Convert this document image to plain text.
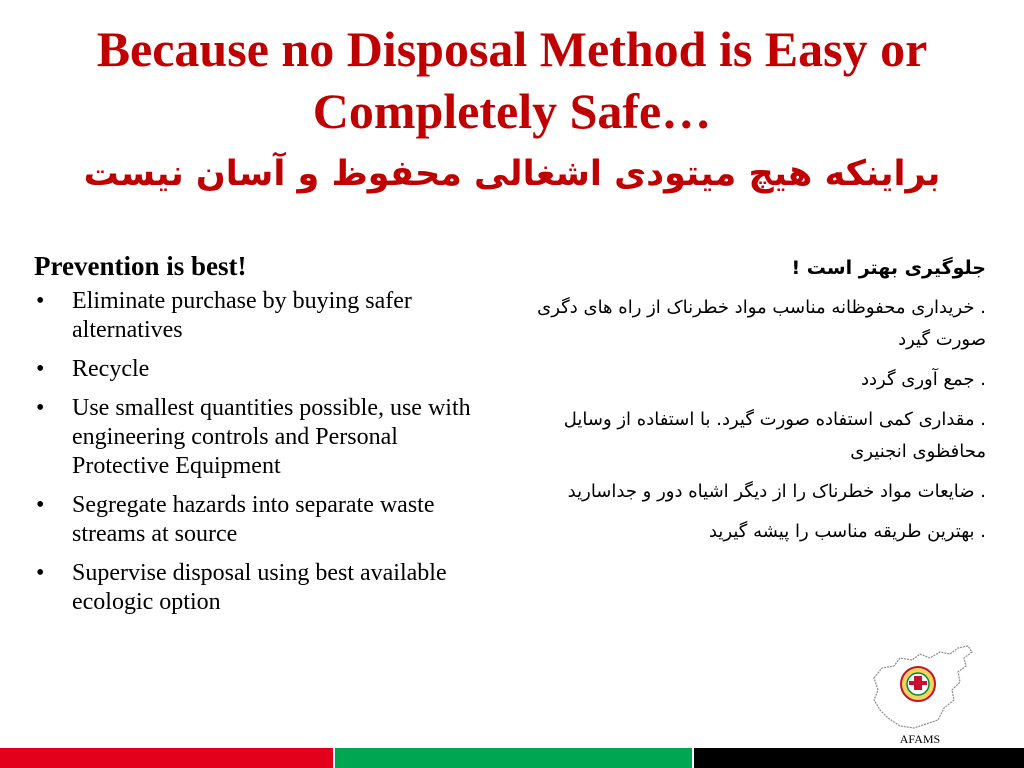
Because no Disposal Method is Easy or Completely Safe…
براینکه هیچ میتودی اشغالی محفوظ و آسان نیست
Prevention is best!
• Eliminate purchase by buying safer alternatives
• Recycle
• Use smallest quantities possible, use with engineering controls and Personal Protective Equipment
• Segregate hazards into separate waste streams at source
• Supervise disposal using best available ecologic option
جلوگیری بهتر است !
. خریداری محفوظانه مناسب مواد خطرناک از راه های دگری صورت گیرد
. جمع آوری گردد
. مقداری کمی استفاده صورت گیرد. با استفاده از وسایل محافظوی انجنیری
. ضایعات مواد خطرناک را از دیگر اشیاه دور و جداسارید
. بهترین طریقه مناسب را پیشه گیرید
AFAMS
